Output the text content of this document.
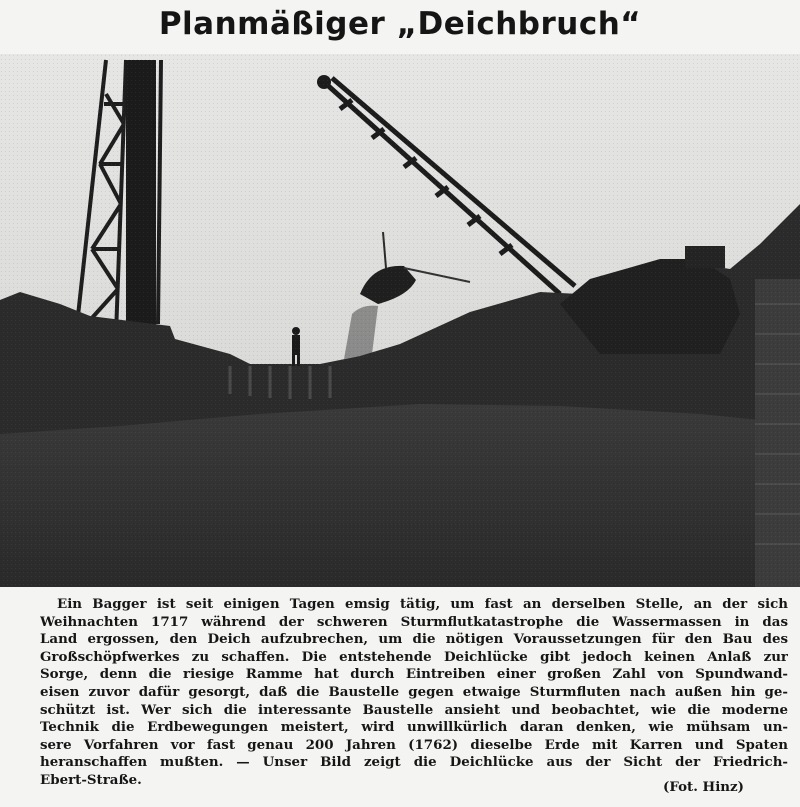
Planmäßiger „Deichbruch“
Ein Bagger ist seit einigen Tagen emsig tätig, um fast an derselben Stelle, an der sich
Weihnachten 1717 während der schweren Sturmflutkatastrophe die Wassermassen in das
Land ergossen, den Deich aufzubrechen, um die nötigen Voraussetzungen für den Bau des
Großschöpfwerkes zu schaffen. Die entstehende Deichlücke gibt jedoch keinen Anlaß zur
Sorge, denn die riesige Ramme hat durch Eintreiben einer großen Zahl von Spundwand-
eisen zuvor dafür gesorgt, daß die Baustelle gegen etwaige Sturmfluten nach außen hin ge-
schützt ist. Wer sich die interessante Baustelle ansieht und beobachtet, wie die moderne
Technik die Erdbewegungen meistert, wird unwillkürlich daran denken, wie mühsam un-
sere Vorfahren vor fast genau 200 Jahren (1762) dieselbe Erde mit Karren und Spaten
heranschaffen mußten. — Unser Bild zeigt die Deichlücke aus der Sicht der Friedrich-
Ebert-Straße.	(Fot. Hinz)
